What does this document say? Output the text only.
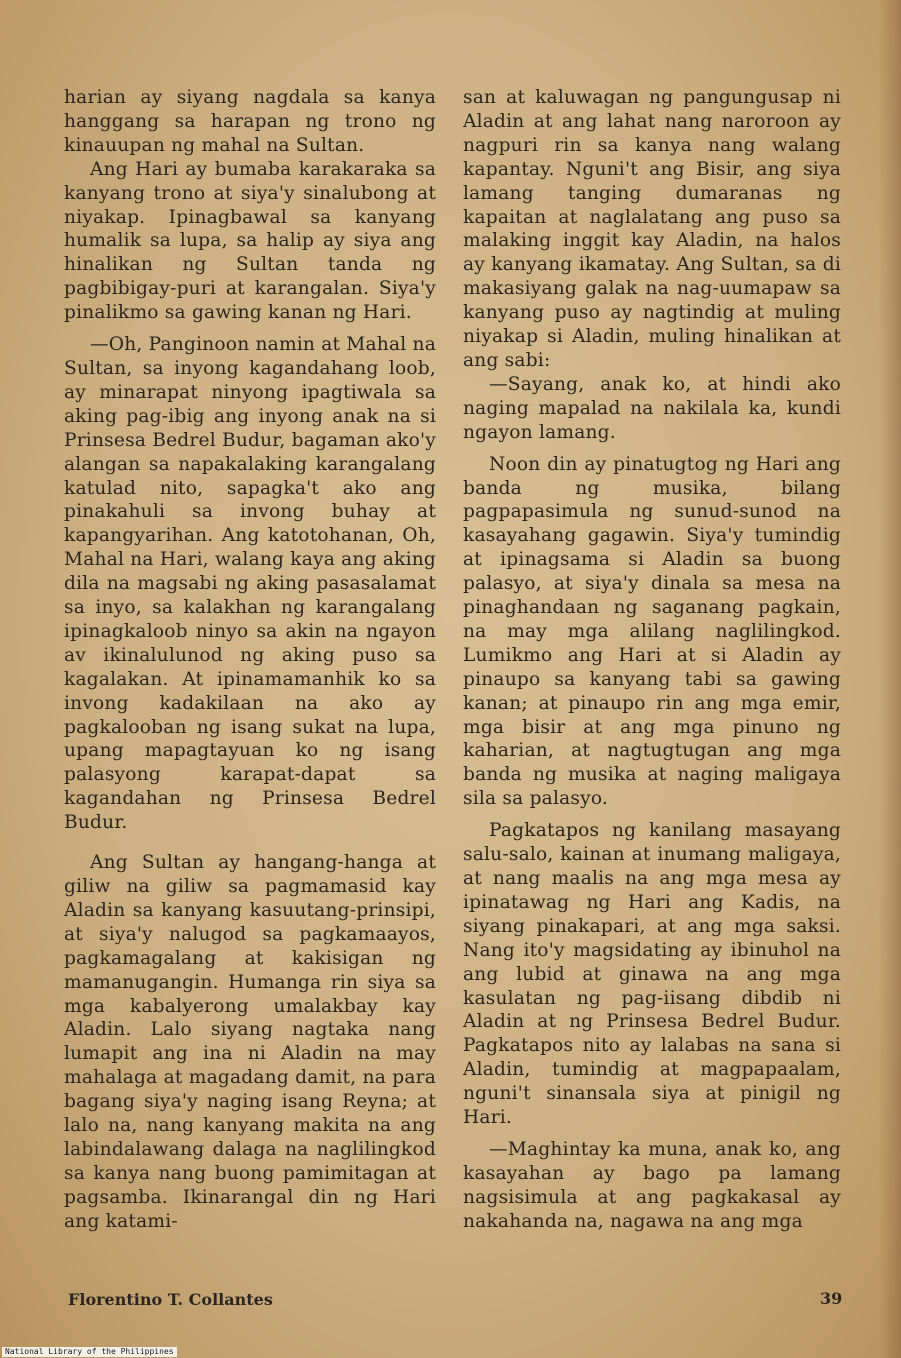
harian ay siyang nagdala sa kanya hanggang sa harapan ng trono ng kinauupan ng mahal na Sultan.

Ang Hari ay bumaba karakaraka sa kanyang trono at siya'y sinalubong at niyakap. Ipinagbawal sa kanyang humalik sa lupa, sa halip ay siya ang hinalikan ng Sultan tanda ng pagbibigay-puri at karangalan. Siya'y pinalikmo sa gawing kanan ng Hari.

—Oh, Panginoon namin at Mahal na Sultan, sa inyong kagandahang loob, ay minarapat ninyong ipagtiwala sa aking pag-ibig ang inyong anak na si Prinsesa Bedrel Budur, bagaman ako'y alangan sa napakalaking karangalang katulad nito, sapagka't ako ang pinakahuli sa invong buhay at kapangyarihan. Ang katotohanan, Oh, Mahal na Hari, walang kaya ang aking dila na magsabi ng aking pasasalamat sa inyo, sa kalakhan ng karangalang ipinagkaloob ninyo sa akin na ngayon av ikinalulunod ng aking puso sa kagalakan. At ipinamamanhik ko sa invong kadakilaan na ako ay pagkalooban ng isang sukat na lupa, upang mapagtayuan ko ng isang palasyong karapat-dapat sa kagandahan ng Prinsesa Bedrel Budur.

Ang Sultan ay hangang-hanga at giliw na giliw sa pagmamasid kay Aladin sa kanyang kasuutang-prinsipi, at siya'y nalugod sa pagkamaayos, pagkamagalang at kakisigan ng mamanugangin. Humanga rin siya sa mga kabalyerong umalakbay kay Aladin. Lalo siyang nagtaka nang lumapit ang ina ni Aladin na may mahalaga at magadang damit, na para bagang siya'y naging isang Reyna; at lalo na, nang kanyang makita na ang labindalawang dalaga na naglilingkod sa kanya nang buong pamimitagan at pagsamba. Ikinarangal din ng Hari ang katami-

san at kaluwagan ng pangungusap ni Aladin at ang lahat nang naroroon ay nagpuri rin sa kanya nang walang kapantay. Nguni't ang Bisir, ang siya lamang tanging dumaranas ng kapaitan at naglalatang ang puso sa malaking inggit kay Aladin, na halos ay kanyang ikamatay. Ang Sultan, sa di makasiyang galak na nag-uumapaw sa kanyang puso ay nagtindig at muling niyakap si Aladin, muling hinalikan at ang sabi:

—Sayang, anak ko, at hindi ako naging mapalad na nakilala ka, kundi ngayon lamang.

Noon din ay pinatugtog ng Hari ang banda ng musika, bilang pagpapasimula ng sunud-sunod na kasayahang gagawin. Siya'y tumindig at ipinagsama si Aladin sa buong palasyo, at siya'y dinala sa mesa na pinaghandaan ng saganang pagkain, na may mga alilang naglilingkod. Lumikmo ang Hari at si Aladin ay pinaupo sa kanyang tabi sa gawing kanan; at pinaupo rin ang mga emir, mga bisir at ang mga pinuno ng kaharian, at nagtugtugan ang mga banda ng musika at naging maligaya sila sa palasyo.

Pagkatapos ng kanilang masayang salu-salo, kainan at inumang maligaya, at nang maalis na ang mga mesa ay ipinatawag ng Hari ang Kadis, na siyang pinakapari, at ang mga saksi. Nang ito'y magsidating ay ibinuhol na ang lubid at ginawa na ang mga kasulatan ng pag-iisang dibdib ni Aladin at ng Prinsesa Bedrel Budur. Pagkatapos nito ay lalabas na sana si Aladin, tumindig at magpapaalam, nguni't sinansala siya at pinigil ng Hari.

—Maghintay ka muna, anak ko, ang kasayahan ay bago pa lamang nagsisimula at ang pagkakasal ay nakahanda na, nagawa na ang mga

Florentino T. Collantes	39
National Library of the Philippines
